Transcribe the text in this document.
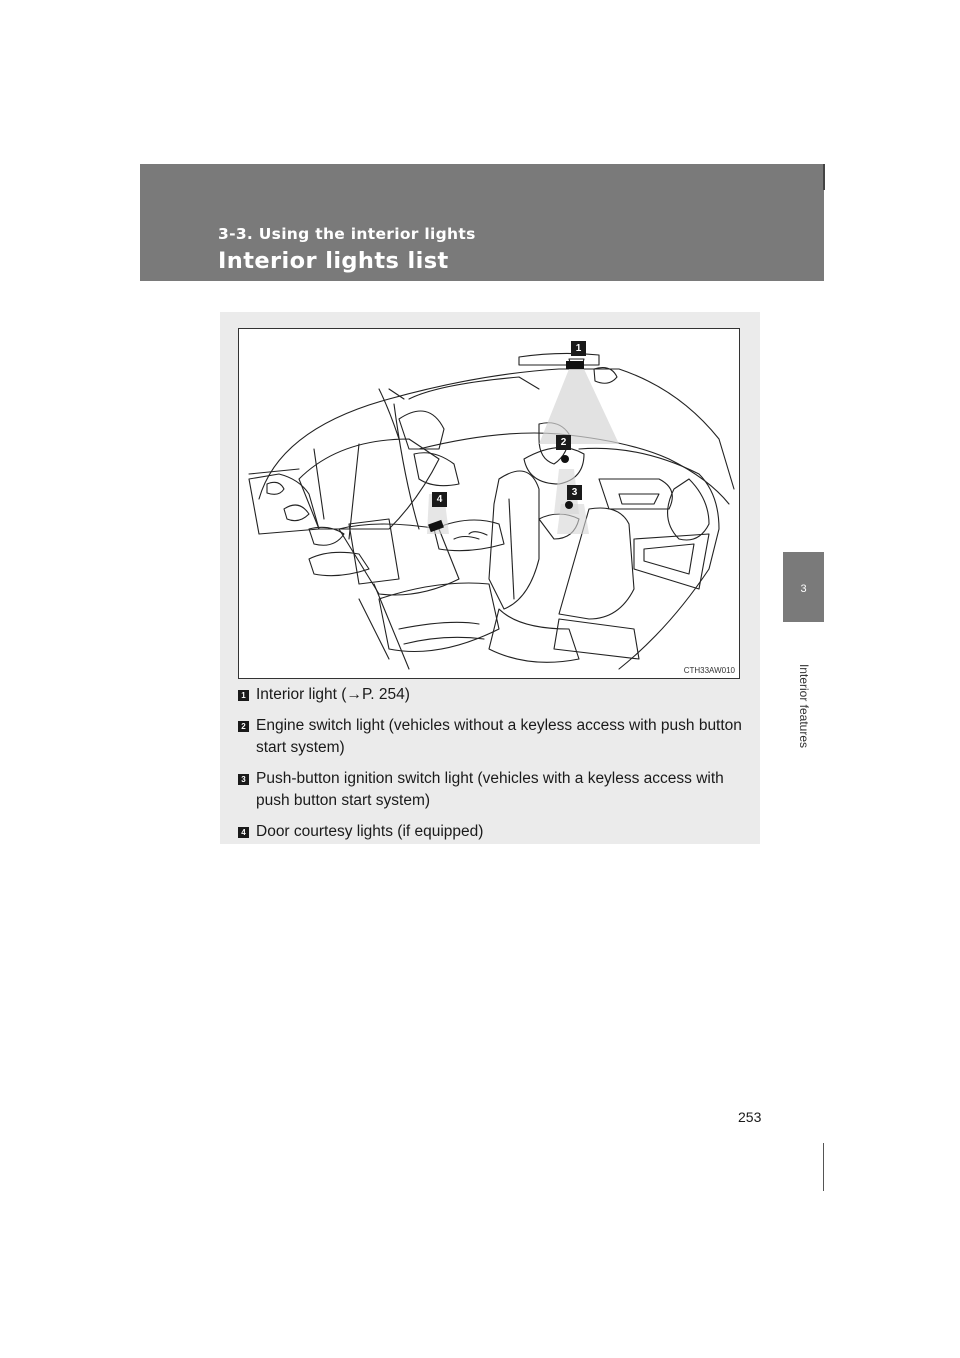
3-3. Using the interior lights
Interior lights list
3
Interior features
1
2
3
4
CTH33AW010
1 Interior light (→P. 254)
2 Engine switch light (vehicles without a keyless access with push button start system)
3 Push-button ignition switch light (vehicles with a keyless access with push button start system)
4 Door courtesy lights (if equipped)
253
